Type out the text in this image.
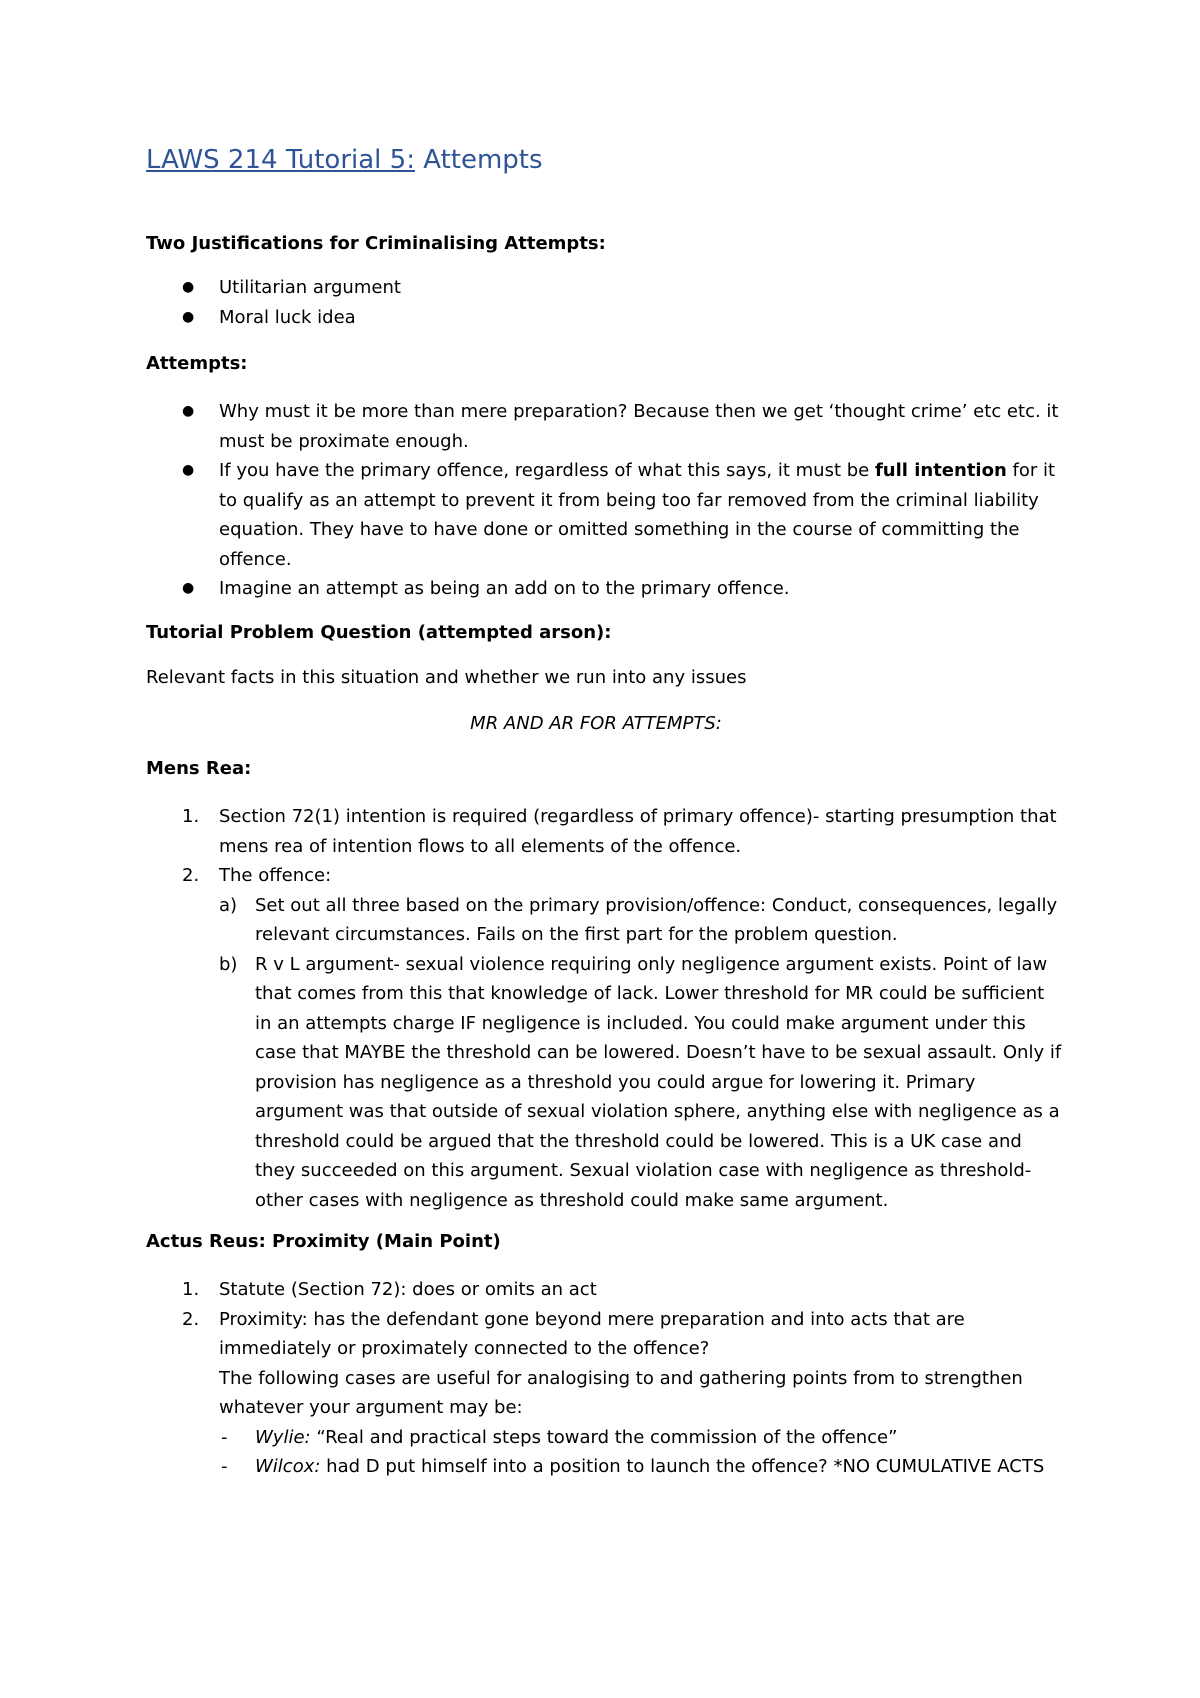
LAWS 214 Tutorial 5: Attempts
Two Justifications for Criminalising Attempts:
● Utilitarian argument
● Moral luck idea
Attempts:
● Why must it be more than mere preparation? Because then we get ‘thought crime’ etc etc. it must be proximate enough.
● If you have the primary offence, regardless of what this says, it must be full intention for it to qualify as an attempt to prevent it from being too far removed from the criminal liability equation. They have to have done or omitted something in the course of committing the offence.
● Imagine an attempt as being an add on to the primary offence.
Tutorial Problem Question (attempted arson):
Relevant facts in this situation and whether we run into any issues
MR AND AR FOR ATTEMPTS:
Mens Rea:
1. Section 72(1) intention is required (regardless of primary offence)- starting presumption that mens rea of intention flows to all elements of the offence.
2. The offence:
a) Set out all three based on the primary provision/offence: Conduct, consequences, legally relevant circumstances. Fails on the first part for the problem question.
b) R v L argument- sexual violence requiring only negligence argument exists. Point of law that comes from this that knowledge of lack. Lower threshold for MR could be sufficient in an attempts charge IF negligence is included. You could make argument under this case that MAYBE the threshold can be lowered. Doesn’t have to be sexual assault. Only if provision has negligence as a threshold you could argue for lowering it. Primary argument was that outside of sexual violation sphere, anything else with negligence as a threshold could be argued that the threshold could be lowered. This is a UK case and they succeeded on this argument. Sexual violation case with negligence as threshold- other cases with negligence as threshold could make same argument.
Actus Reus: Proximity (Main Point)
1. Statute (Section 72): does or omits an act
2. Proximity: has the defendant gone beyond mere preparation and into acts that are immediately or proximately connected to the offence?
The following cases are useful for analogising to and gathering points from to strengthen whatever your argument may be:
- Wylie: “Real and practical steps toward the commission of the offence”
- Wilcox: had D put himself into a position to launch the offence? *NO CUMULATIVE ACTS
